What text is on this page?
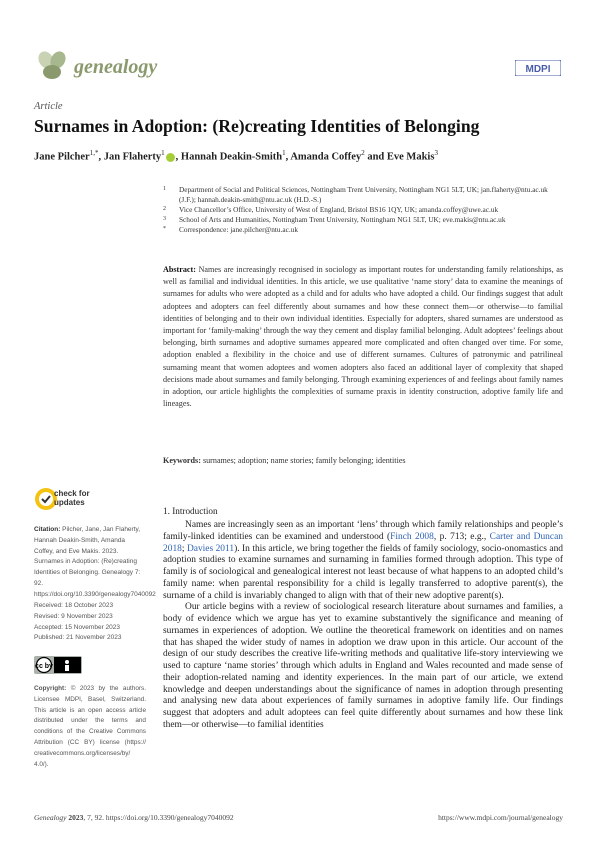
genealogy	MDPI
Article
Surnames in Adoption: (Re)creating Identities of Belonging
Jane Pilcher$^{1,*}$, Jan Flaherty$^1$ , Hannah Deakin-Smith$^1$, Amanda Coffey$^2$ and Eve Makis$^3$
1	Department of Social and Political Sciences, Nottingham Trent University, Nottingham NG1 5LT, UK; jan.flaherty@ntu.ac.uk (J.F.); hannah.deakin-smith@ntu.ac.uk (H.D.-S.)
2	Vice Chancellor’s Office, University of West of England, Bristol BS16 1QY, UK; amanda.coffey@uwe.ac.uk
3	School of Arts and Humanities, Nottingham Trent University, Nottingham NG1 5LT, UK; eve.makis@ntu.ac.uk
*	Correspondence: jane.pilcher@ntu.ac.uk
Abstract: Names are increasingly recognised in sociology as important routes for understanding family relationships, as well as familial and individual identities. In this article, we use qualitative ‘name story’ data to examine the meanings of surnames for adults who were adopted as a child and for adults who have adopted a child. Our findings suggest that adult adoptees and adopters can feel differently about surnames and how these connect them—or otherwise—to familial identities of belonging and to their own individual identities. Especially for adopters, shared surnames are understood as important for ‘family-making’ through the way they cement and display familial belonging. Adult adoptees’ feelings about belonging, birth surnames and adoptive surnames appeared more complicated and often changed over time. For some, adoption enabled a flexibility in the choice and use of different surnames. Cultures of patronymic and patrilineal surnaming meant that women adoptees and women adopters also faced an additional layer of complexity that shaped decisions made about surnames and family belonging. Through examining experiences of and feelings about family names in adoption, our article highlights the complexities of surname praxis in identity construction, adoptive family life and lineages.
Keywords: surnames; adoption; name stories; family belonging; identities
check for
updates
Citation: Pilcher, Jane, Jan Flaherty, Hannah Deakin-Smith, Amanda Coffey, and Eve Makis. 2023. Surnames in Adoption: (Re)creating Identities of Belonging. Genealogy 7: 92. https://doi.org/10.3390/genealogy7040092
Received: 18 October 2023
Revised: 9 November 2023
Accepted: 15 November 2023
Published: 21 November 2023
cc by
Copyright: © 2023 by the authors. Licensee MDPI, Basel, Switzerland. This article is an open access article distributed under the terms and conditions of the Creative Commons Attribution (CC BY) license (https:// creativecommons.org/licenses/by/ 4.0/).
1. Introduction

Names are increasingly seen as an important ‘lens’ through which family relationships and people’s family-linked identities can be examined and understood (Finch 2008, p. 713; e.g., Carter and Duncan 2018; Davies 2011). In this article, we bring together the fields of family sociology, socio-onomastics and adoption studies to examine surnames and surnaming in families formed through adoption. This type of family is of sociological and genealogical interest not least because of what happens to an adopted child’s family name: when parental responsibility for a child is legally transferred to adoptive parent(s), the surname of a child is invariably changed to align with that of their new adoptive parent(s).

Our article begins with a review of sociological research literature about surnames and families, a body of evidence which we argue has yet to examine substantively the significance and meaning of surnames in experiences of adoption. We outline the theoretical framework on identities and on names that has shaped the wider study of names in adoption we draw upon in this article. Our account of the design of our study describes the creative life-writing methods and qualitative life-story interviewing we used to capture ‘name stories’ through which adults in England and Wales recounted and made sense of their adoption-related naming and identity experiences. In the main part of our article, we extend knowledge and deepen understandings about the significance of names in adoption through presenting and analysing new data about experiences of family surnames in adoptive family life. Our findings suggest that adopters and adult adoptees can feel quite differently about surnames and how these link them—or otherwise—to familial identities

Genealogy 2023, 7, 92. https://doi.org/10.3390/genealogy7040092	https://www.mdpi.com/journal/genealogy
